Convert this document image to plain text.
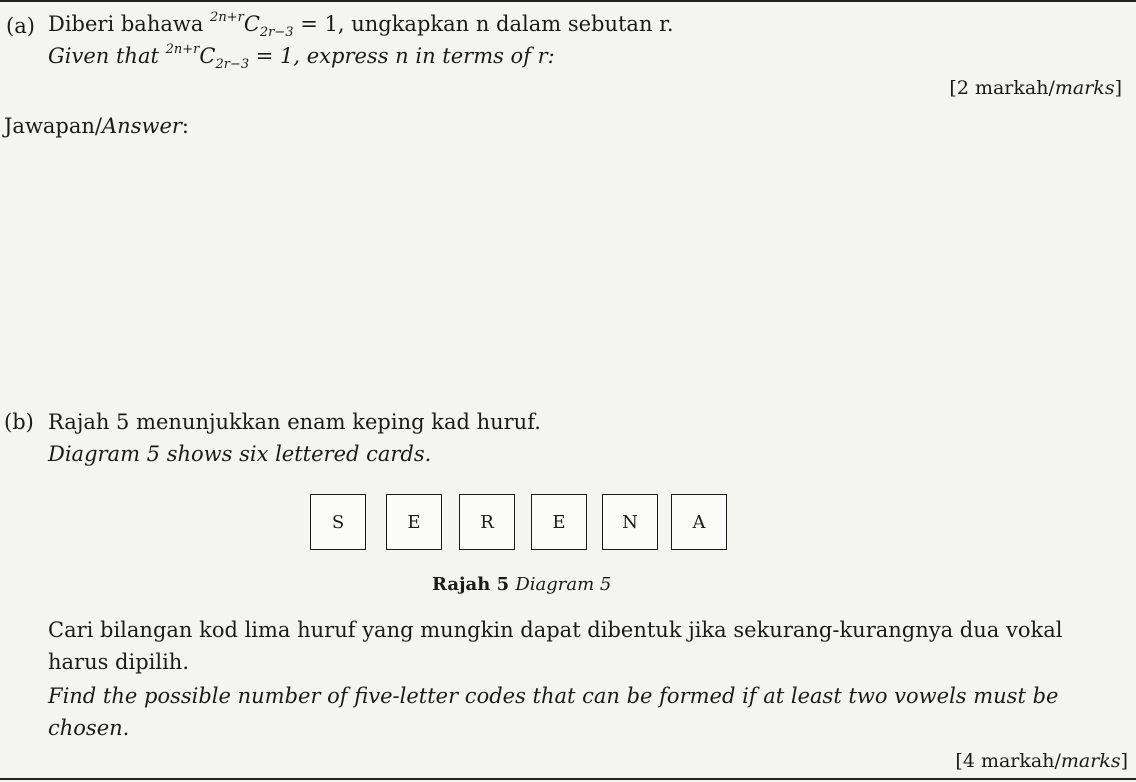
(a) Diberi bahawa $^{2n+r}C_{2r-3} = 1$, ungkapkan n dalam sebutan r.
Given that $^{2n+r}C_{2r-3} = 1$, express n in terms of r:
[2 markah/marks]
Jawapan/Answer:
(b) Rajah 5 menunjukkan enam keping kad huruf.
Diagram 5 shows six lettered cards.
S	E	R	E	N	A
Rajah 5 Diagram 5
Cari bilangan kod lima huruf yang mungkin dapat dibentuk jika sekurang-kurangnya dua vokal
harus dipilih.
Find the possible number of five-letter codes that can be formed if at least two vowels must be
chosen.
[4 markah/marks]
